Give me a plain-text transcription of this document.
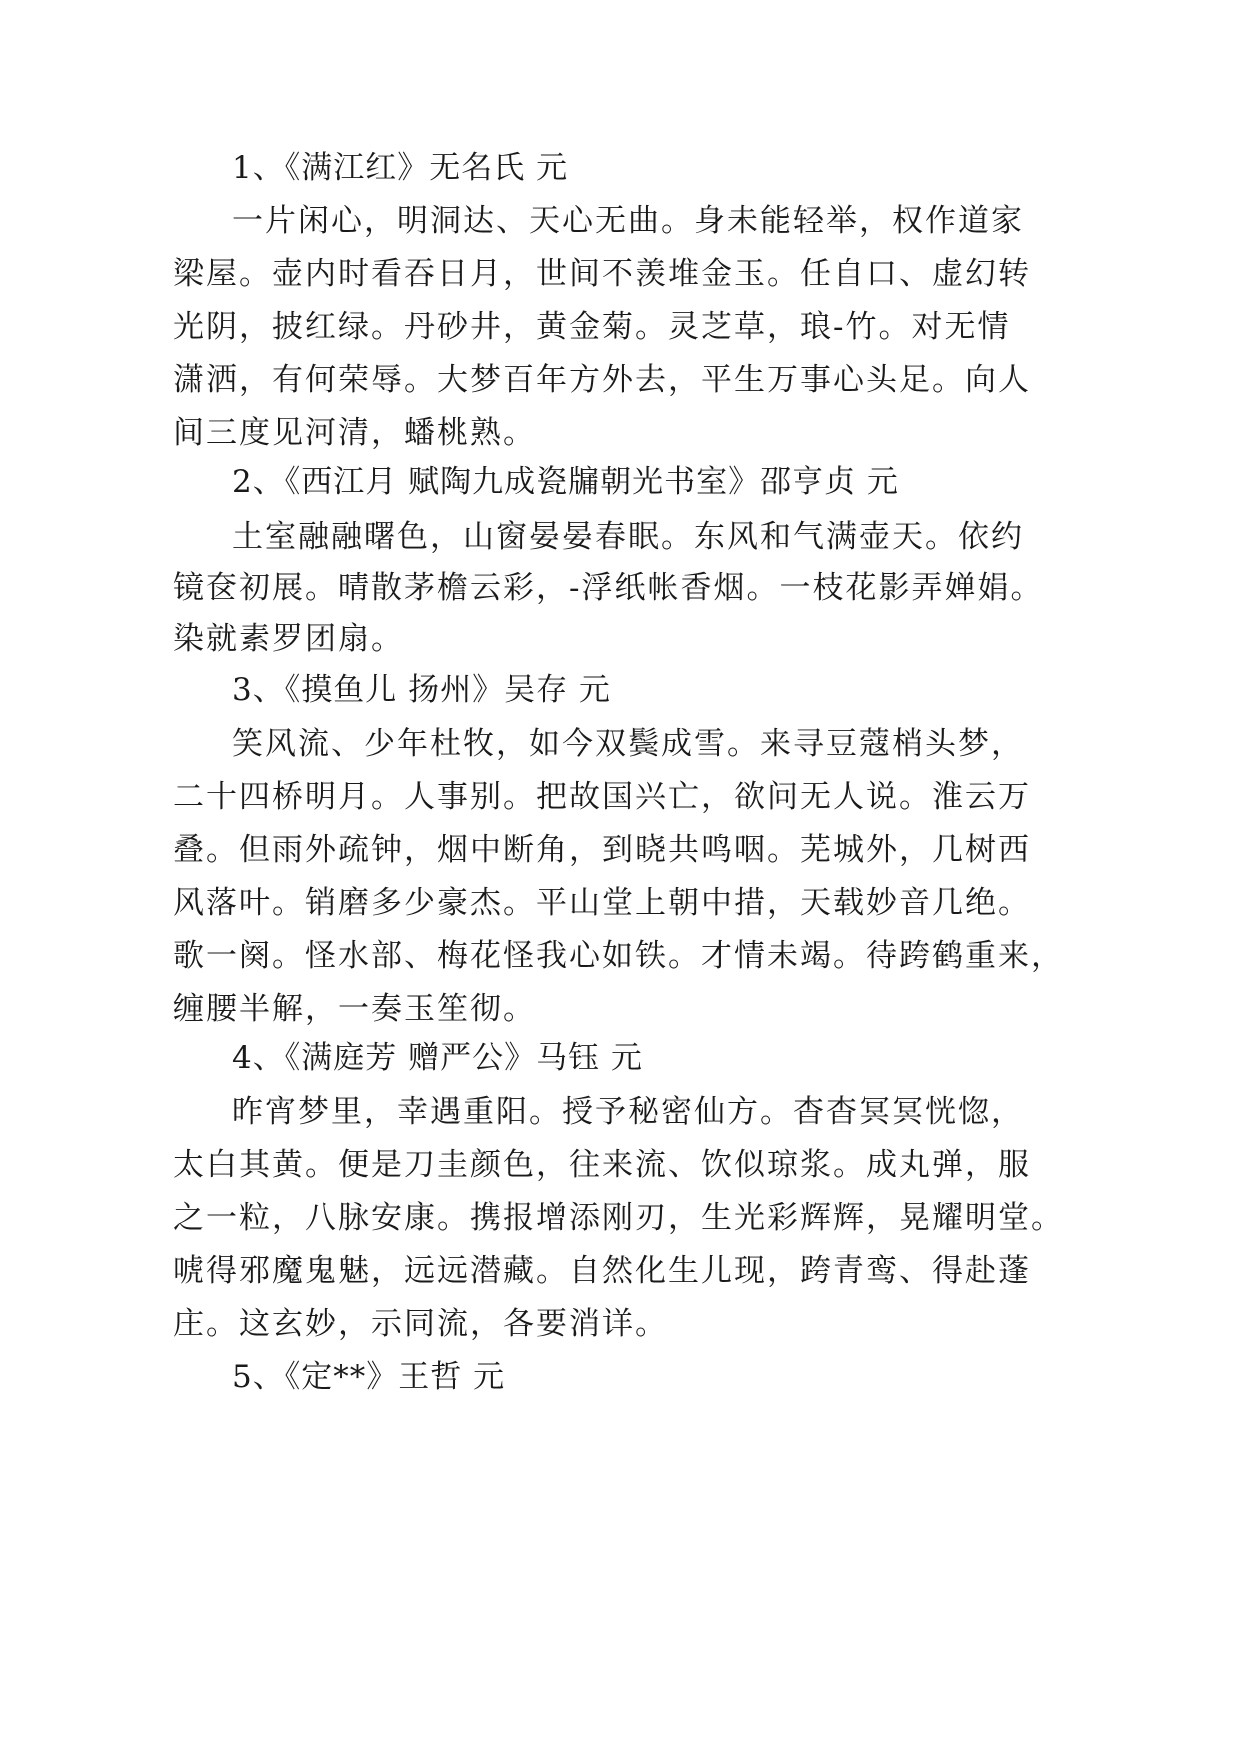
1、《满江红》无名氏 元
一片闲心，明洞达、天心无曲。身未能轻举，权作道家
梁屋。壶内时看吞日月，世间不羡堆金玉。任自口、虚幻转
光阴，披红绿。丹砂井，黄金菊。灵芝草，琅-竹。对无情
潇洒，有何荣辱。大梦百年方外去，平生万事心头足。向人
间三度见河清，蟠桃熟。
2、《西江月 赋陶九成瓷牖朝光书室》邵亨贞 元
土室融融曙色，山窗晏晏春眠。东风和气满壶天。依约
镜奁初展。晴散茅檐云彩，-浮纸帐香烟。一枝花影弄婵娟。
染就素罗团扇。
3、《摸鱼儿 扬州》吴存 元
笑风流、少年杜牧，如今双鬓成雪。来寻豆蔻梢头梦，
二十四桥明月。人事别。把故国兴亡，欲问无人说。淮云万
叠。但雨外疏钟，烟中断角，到晓共鸣咽。芜城外，几树西
风落叶。销磨多少豪杰。平山堂上朝中措，天载妙音几绝。
歌一阕。怪水部、梅花怪我心如铁。才情未竭。待跨鹤重来，
缠腰半解，一奏玉笙彻。
4、《满庭芳 赠严公》马钰 元
昨宵梦里，幸遇重阳。授予秘密仙方。杳杳冥冥恍惚，
太白其黄。便是刀圭颜色，往来流、饮似琼浆。成丸弹，服
之一粒，八脉安康。携报增添刚刃，生光彩辉辉，晃耀明堂。
唬得邪魔鬼魅，远远潜藏。自然化生儿现，跨青鸾、得赴蓬
庄。这玄妙，示同流，各要消详。
5、《定**》王哲 元
